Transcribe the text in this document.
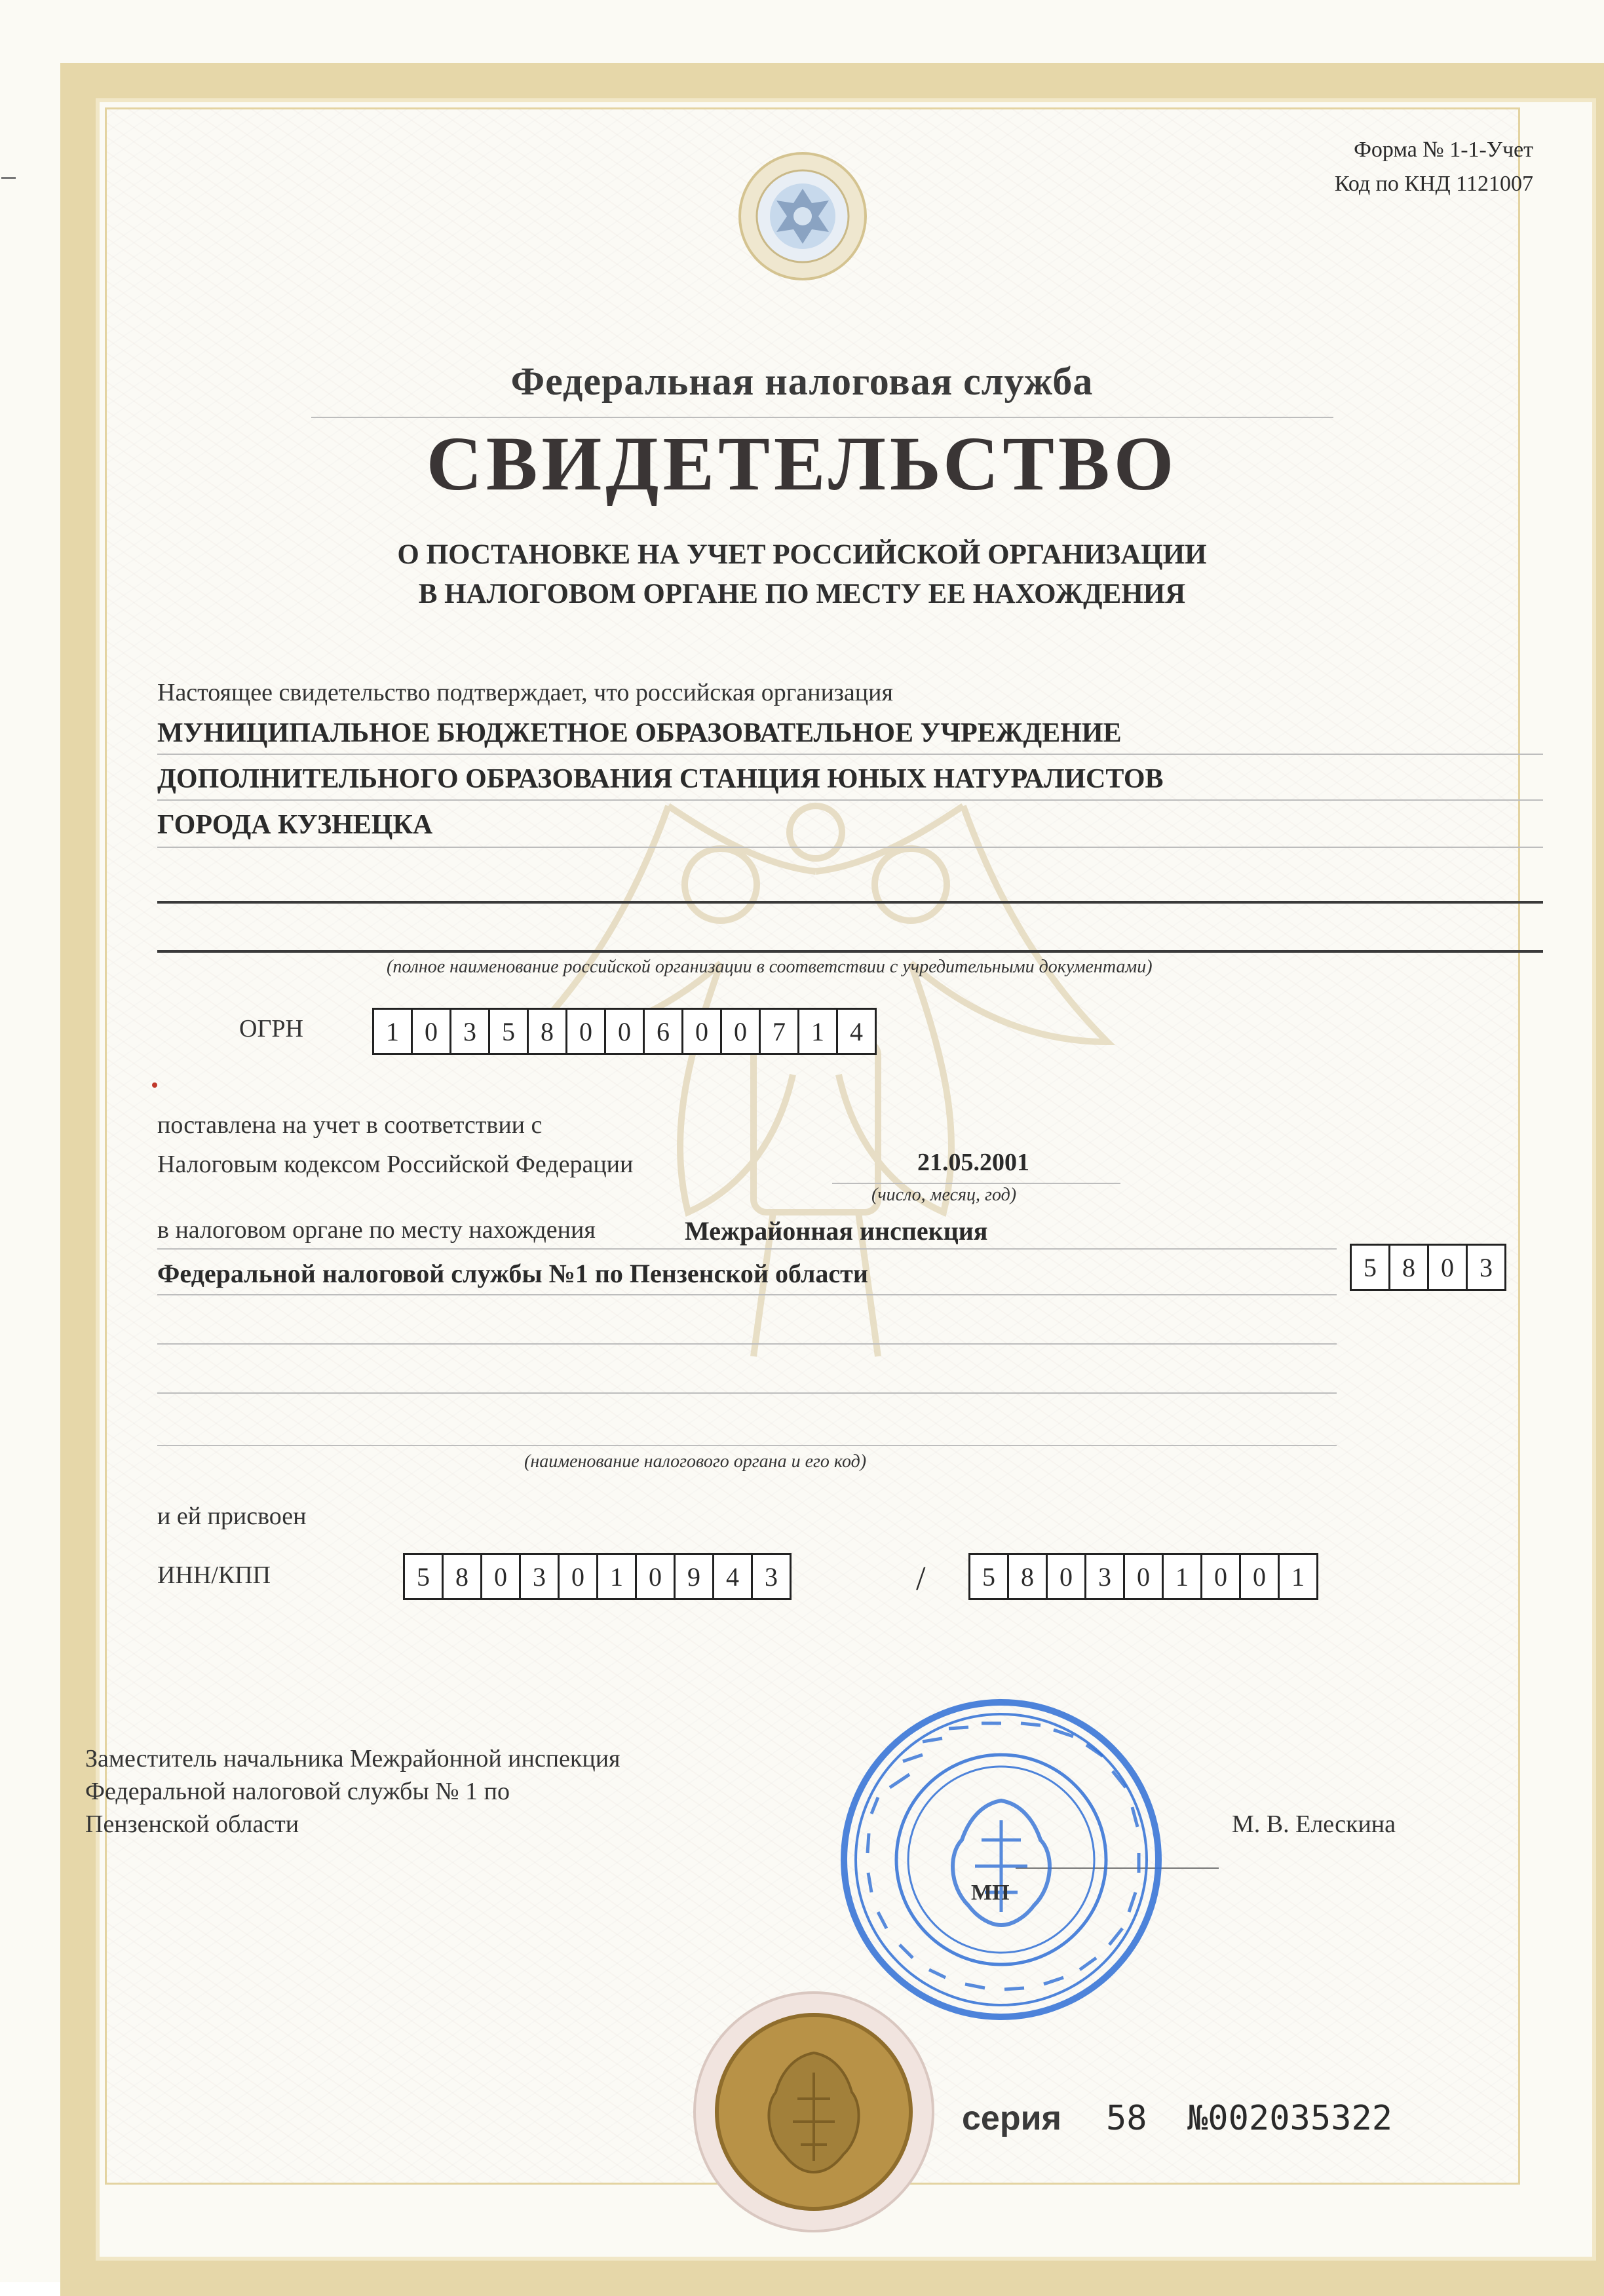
Форма № 1-1-Учет
Код по КНД 1121007
Федеральная налоговая служба
СВИДЕТЕЛЬСТВО
О ПОСТАНОВКЕ НА УЧЕТ РОССИЙСКОЙ ОРГАНИЗАЦИИ
В НАЛОГОВОМ ОРГАНЕ ПО МЕСТУ ЕЕ НАХОЖДЕНИЯ
Настоящее свидетельство подтверждает, что российская организация
МУНИЦИПАЛЬНОЕ БЮДЖЕТНОЕ ОБРАЗОВАТЕЛЬНОЕ УЧРЕЖДЕНИЕ
ДОПОЛНИТЕЛЬНОГО ОБРАЗОВАНИЯ СТАНЦИЯ ЮНЫХ НАТУРАЛИСТОВ
ГОРОДА КУЗНЕЦКА
(полное наименование российской организации в соответствии с учредительными документами)
ОГРН	1 0 3 5 8 0 0 6 0 0 7 1 4
поставлена на учет в соответствии с
Налоговым кодексом Российской Федерации	21.05.2001
(число, месяц, год)
в налоговом органе по месту нахождения	Межрайонная инспекция
Федеральной налоговой службы №1 по Пензенской области	5 8 0 3
(наименование налогового органа и его код)
и ей присвоен
ИНН/КПП	5 8 0 3 0 1 0 9 4 3	/	5 8 0 3 0 1 0 0 1
Заместитель начальника Межрайонной инспекция
Федеральной налоговой службы № 1 по
Пензенской области	М. В. Елескина
МП
серия 58 №002035322
